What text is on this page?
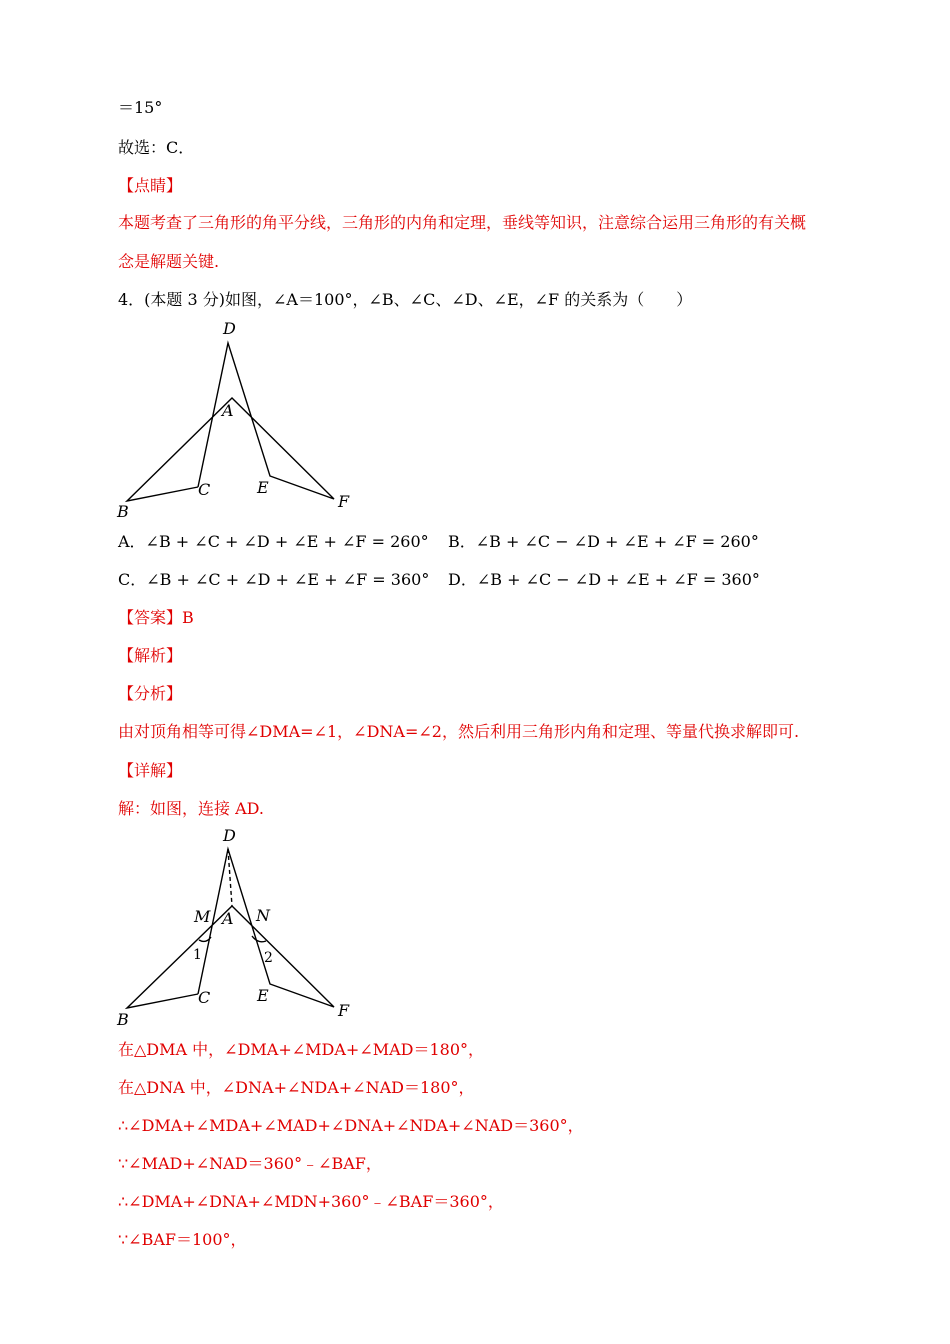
＝15°
故选：C．
【点睛】
本题考查了三角形的角平分线，三角形的内角和定理，垂线等知识，注意综合运用三角形的有关概
念是解题关键.
4．(本题 3 分)如图，∠A＝100°，∠B、∠C、∠D、∠E，∠F 的关系为（　　）
D
A
B
C	E
F
A．∠B + ∠C + ∠D + ∠E + ∠F = 260° B．∠B + ∠C − ∠D + ∠E + ∠F = 260°
C．∠B + ∠C + ∠D + ∠E + ∠F = 360° D．∠B + ∠C − ∠D + ∠E + ∠F = 360°
【答案】B
【解析】
【分析】
由对顶角相等可得∠DMA=∠1，∠DNA=∠2，然后利用三角形内角和定理、等量代换求解即可.
【详解】
解：如图，连接 AD.
D
M A N
1	2
B
C	E
F
在△DMA 中，∠DMA+∠MDA+∠MAD＝180°，
在△DNA 中，∠DNA+∠NDA+∠NAD＝180°，
∴∠DMA+∠MDA+∠MAD+∠DNA+∠NDA+∠NAD＝360°，
∵∠MAD+∠NAD＝360°﹣∠BAF，
∴∠DMA+∠DNA+∠MDN+360°﹣∠BAF＝360°，
∵∠BAF＝100°，
